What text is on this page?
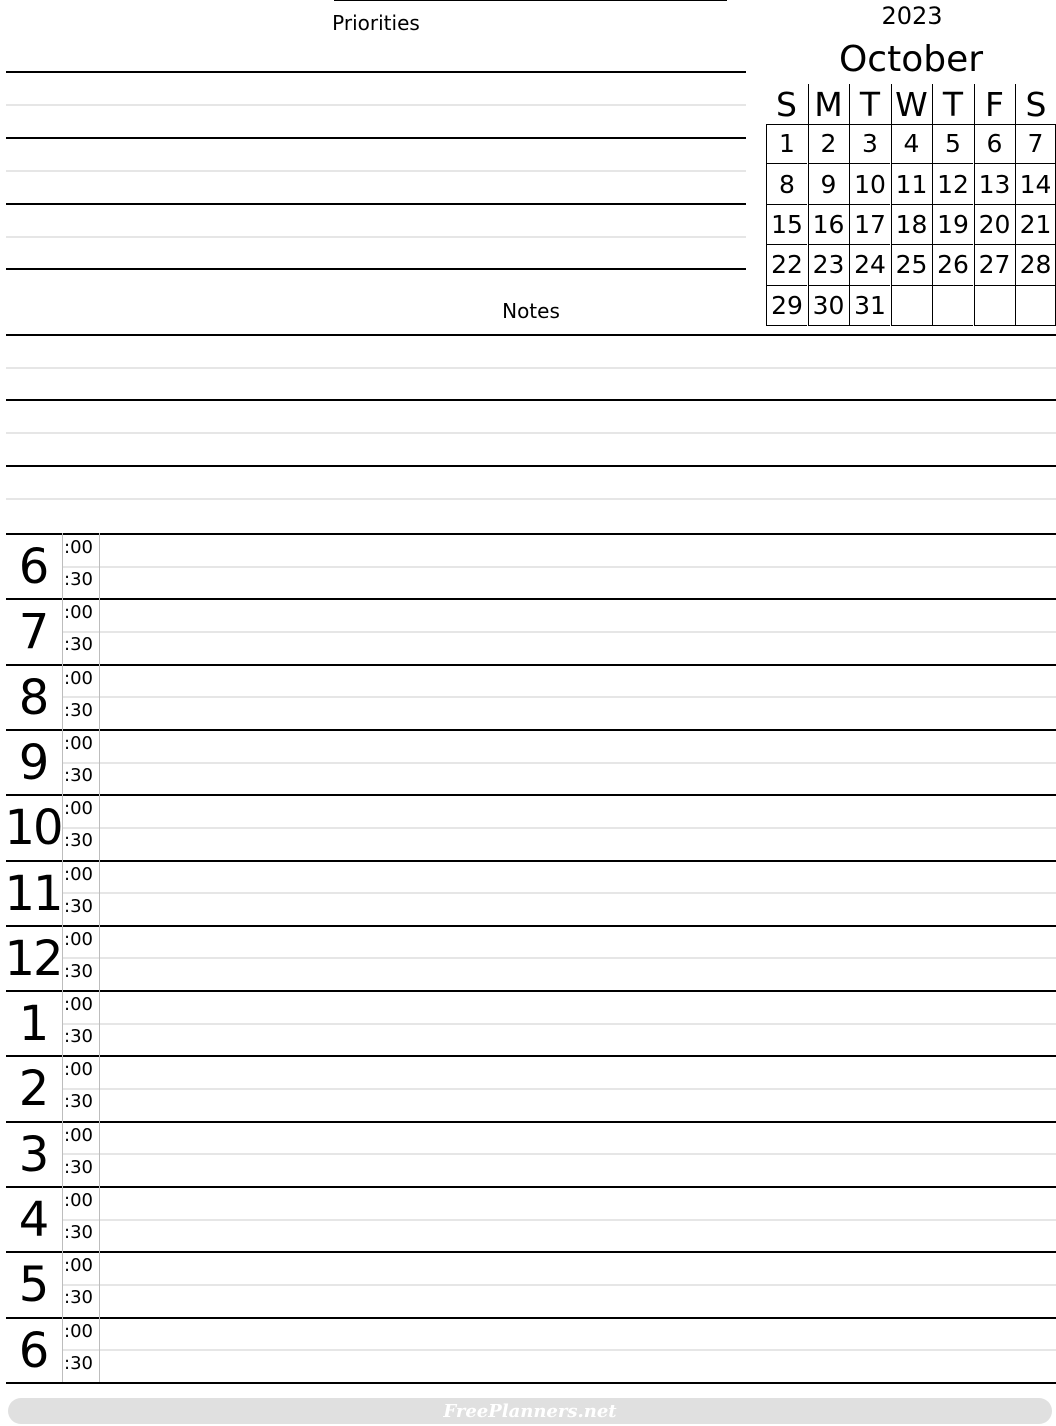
Priorities	2023
October
S M T W T F S
1	2	3	4	5	6	7
8	9 10 11 12 13 14
15 16 17 18 19 20 21
22 23 24 25 26 27 28
29 30 31
Notes
6 :00
:30
7 :00
:30
8 :00
:30
9 :00
:30
10 :00
:30
11 :00
:30
12 :00
:30
1 :00
:30
2 :00
:30
3 :00
:30
4 :00
:30
5 :00
:30
6 :00
:30
FreePlanners.net
